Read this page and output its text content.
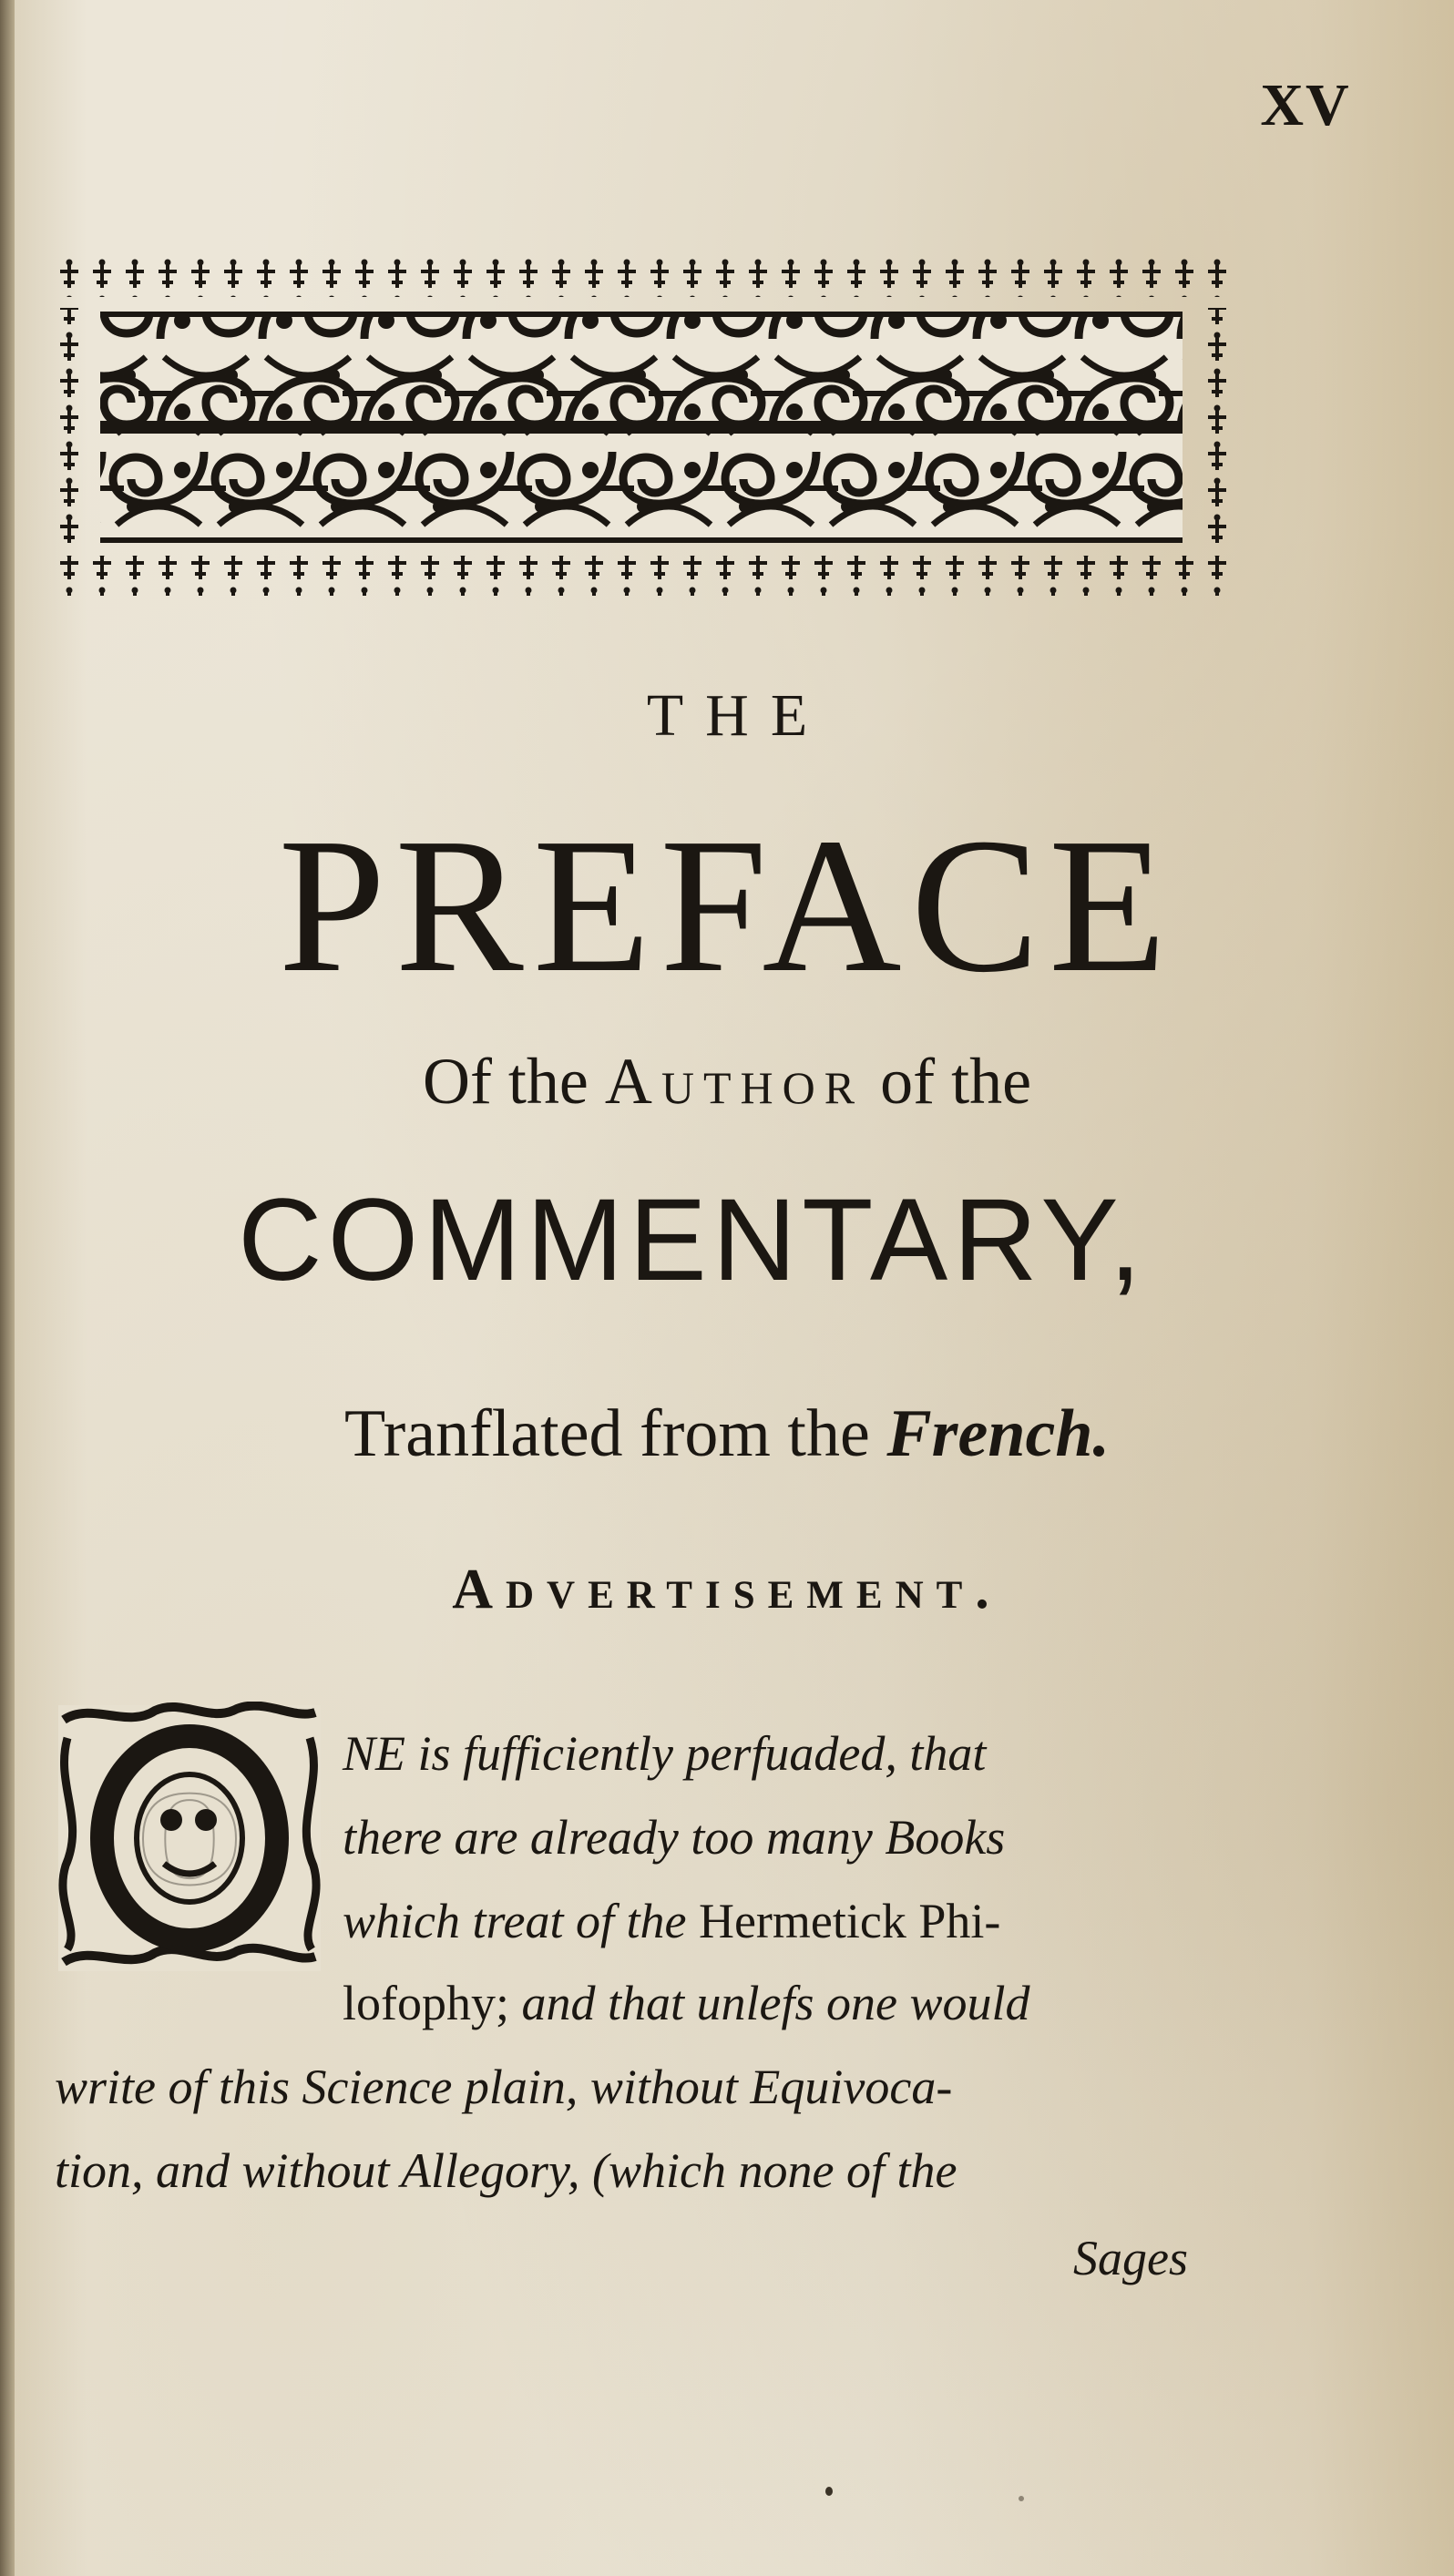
XV
THE
PREFACE
Of the Author of the
COMMENTARY,
Tranflated from the French.
Advertisement.
O
NE is fufficiently perfuaded, that
there are already too many Books
which treat of the Hermetick Phi-
lofophy; and that unlefs one would
write of this Science plain, without Equivoca-
tion, and without Allegory, (which none of the
Sages
